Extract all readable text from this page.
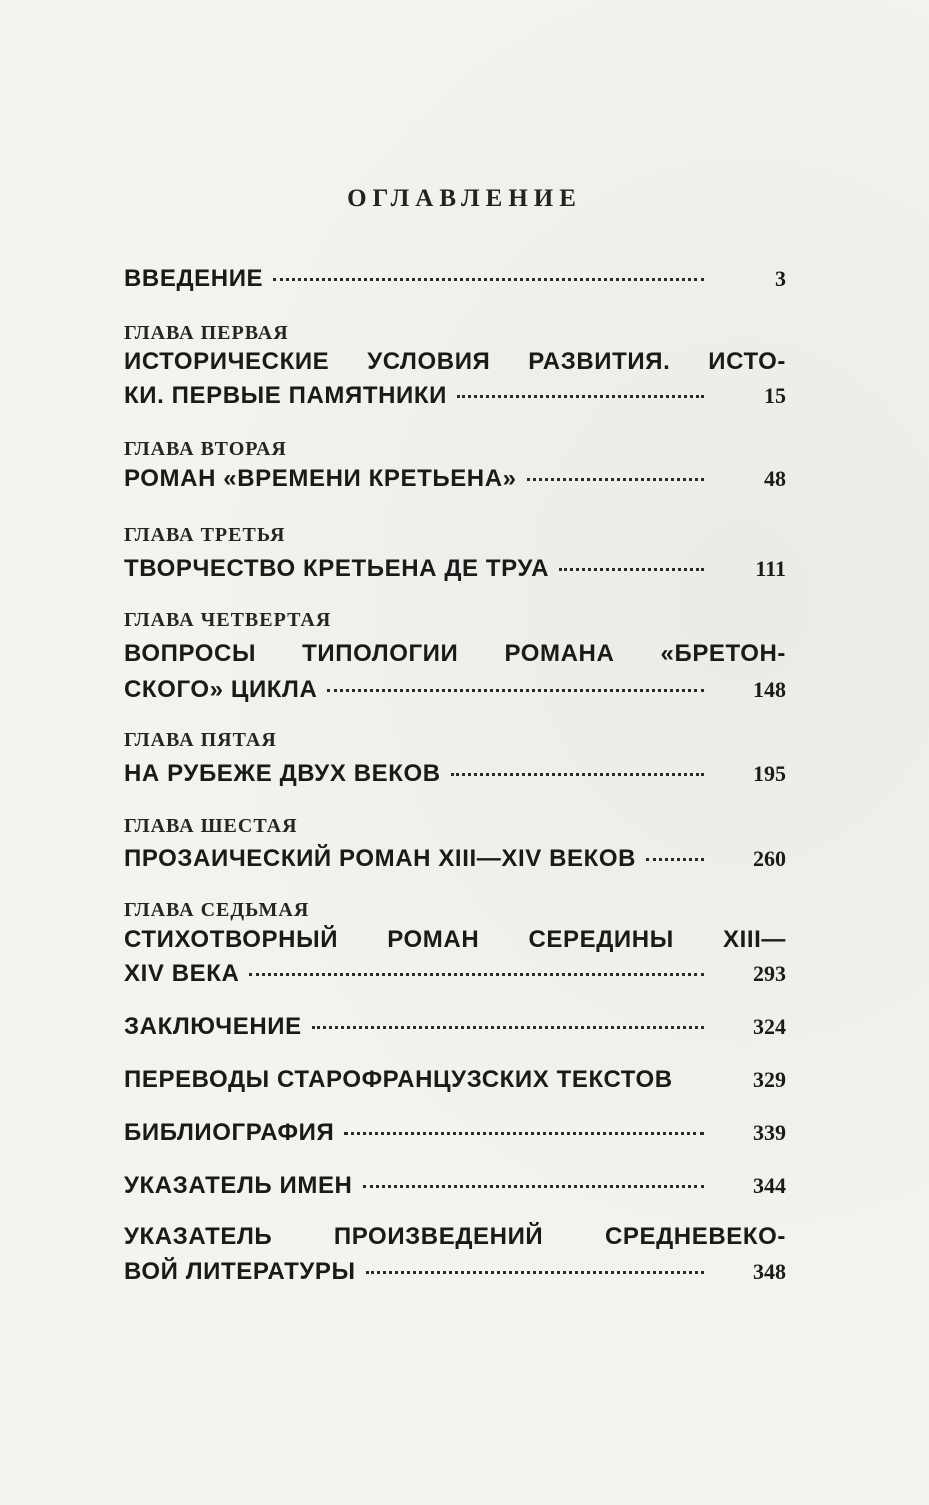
ОГЛАВЛЕНИЕ
ВВЕДЕНИЕ	3
ГЛАВА ПЕРВАЯ
ИСТОРИЧЕСКИЕ УСЛОВИЯ РАЗВИТИЯ. ИСТО-
КИ. ПЕРВЫЕ ПАМЯТНИКИ	15
ГЛАВА ВТОРАЯ
РОМАН «ВРЕМЕНИ КРЕТЬЕНА»	48
ГЛАВА ТРЕТЬЯ
ТВОРЧЕСТВО КРЕТЬЕНА ДЕ ТРУА	111
ГЛАВА ЧЕТВЕРТАЯ
ВОПРОСЫ ТИПОЛОГИИ РОМАНА «БРЕТОН-
СКОГО» ЦИКЛА	148
ГЛАВА ПЯТАЯ
НА РУБЕЖЕ ДВУХ ВЕКОВ	195
ГЛАВА ШЕСТАЯ
ПРОЗАИЧЕСКИЙ РОМАН XIII—XIV ВЕКОВ	260
ГЛАВА СЕДЬМАЯ
СТИХОТВОРНЫЙ РОМАН СЕРЕДИНЫ XIII—
XIV ВЕКА	293
ЗАКЛЮЧЕНИЕ	324
ПЕРЕВОДЫ СТАРОФРАНЦУЗСКИХ ТЕКСТОВ	329
БИБЛИОГРАФИЯ	339
УКАЗАТЕЛЬ ИМЕН	344
УКАЗАТЕЛЬ ПРОИЗВЕДЕНИЙ СРЕДНЕВЕКО-
ВОЙ ЛИТЕРАТУРЫ	348
